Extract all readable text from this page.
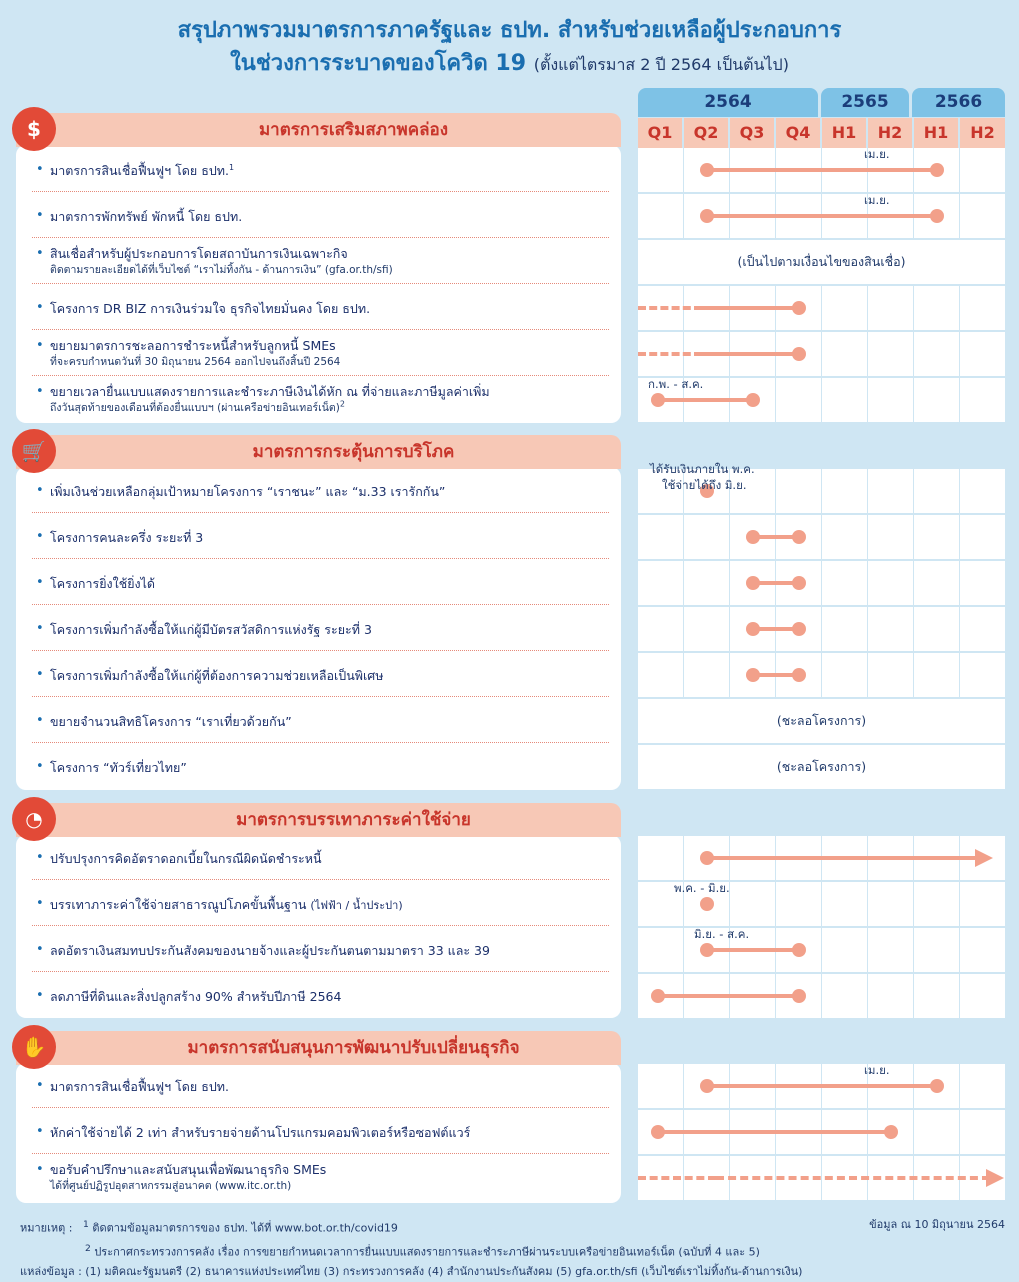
สรุปภาพรวมมาตรการภาครัฐและ ธปท. สำหรับช่วยเหลือผู้ประกอบการ
ในช่วงการระบาดของโควิด 19 (ตั้งแต่ไตรมาส 2 ปี 2564 เป็นต้นไป)
2564	2565	2566
Q1	Q2	Q3	Q4	H1	H2	H1	H2
มาตรการเสริมสภาพคล่อง
$
• มาตรการสินเชื่อฟื้นฟูฯ โดย ธปท.$^1$
เม.ย.
• มาตรการพักทรัพย์ พักหนี้ โดย ธปท.
เม.ย.
• สินเชื่อสำหรับผู้ประกอบการโดยสถาบันการเงินเฉพาะกิจ
ติดตามรายละเอียดได้ที่เว็บไซต์ “เราไม่ทิ้งกัน - ด้านการเงิน” (gfa.or.th/sfi)
(เป็นไปตามเงื่อนไขของสินเชื่อ)
• โครงการ DR BIZ การเงินร่วมใจ ธุรกิจไทยมั่นคง โดย ธปท.
• ขยายมาตรการชะลอการชำระหนี้สำหรับลูกหนี้ SMEs
ที่จะครบกำหนดวันที่ 30 มิถุนายน 2564 ออกไปจนถึงสิ้นปี 2564
• ขยายเวลายื่นแบบแสดงรายการและชำระภาษีเงินได้หัก ณ ที่จ่ายและภาษีมูลค่าเพิ่ม
ถึงวันสุดท้ายของเดือนที่ต้องยื่นแบบฯ (ผ่านเครือข่ายอินเทอร์เน็ต)$^2$
ก.พ. - ส.ค.
มาตรการกระตุ้นการบริโภค
🛒
• เพิ่มเงินช่วยเหลือกลุ่มเป้าหมายโครงการ “เราชนะ” และ “ม.33 เรารักกัน”
ได้รับเงินภายใน พ.ค.
ใช้จ่ายได้ถึง มิ.ย.
• โครงการคนละครึ่ง ระยะที่ 3
• โครงการยิ่งใช้ยิ่งได้
• โครงการเพิ่มกำลังซื้อให้แก่ผู้มีบัตรสวัสดิการแห่งรัฐ ระยะที่ 3
• โครงการเพิ่มกำลังซื้อให้แก่ผู้ที่ต้องการความช่วยเหลือเป็นพิเศษ
• ขยายจำนวนสิทธิโครงการ “เราเที่ยวด้วยกัน”	(ชะลอโครงการ)
• โครงการ “ทัวร์เที่ยวไทย”	(ชะลอโครงการ)
มาตรการบรรเทาภาระค่าใช้จ่าย
◔
• ปรับปรุงการคิดอัตราดอกเบี้ยในกรณีผิดนัดชำระหนี้
• บรรเทาภาระค่าใช้จ่ายสาธารณูปโภคขั้นพื้นฐาน (ไฟฟ้า / น้ำประปา)
พ.ค. - มิ.ย.
• ลดอัตราเงินสมทบประกันสังคมของนายจ้างและผู้ประกันตนตามมาตรา 33 และ 39
มิ.ย. - ส.ค.
• ลดภาษีที่ดินและสิ่งปลูกสร้าง 90% สำหรับปีภาษี 2564
มาตรการสนับสนุนการพัฒนาปรับเปลี่ยนธุรกิจ
✋
• มาตรการสินเชื่อฟื้นฟูฯ โดย ธปท.
เม.ย.
• หักค่าใช้จ่ายได้ 2 เท่า สำหรับรายจ่ายด้านโปรแกรมคอมพิวเตอร์หรือซอฟต์แวร์
• ขอรับคำปรึกษาและสนับสนุนเพื่อพัฒนาธุรกิจ SMEs
ได้ที่ศูนย์ปฏิรูปอุตสาหกรรมสู่อนาคต (www.itc.or.th)
หมายเหตุ : $^1$ ติดตามข้อมูลมาตรการของ ธปท. ได้ที่ www.bot.or.th/covid19
$^2$ ประกาศกระทรวงการคลัง เรื่อง การขยายกำหนดเวลาการยื่นแบบแสดงรายการและชำระภาษีผ่านระบบเครือข่ายอินเทอร์เน็ต (ฉบับที่ 4 และ 5)
แหล่งข้อมูล : (1) มติคณะรัฐมนตรี (2) ธนาคารแห่งประเทศไทย (3) กระทรวงการคลัง (4) สำนักงานประกันสังคม (5) gfa.or.th/sfi (เว็บไซต์เราไม่ทิ้งกัน-ด้านการเงิน)
ข้อมูล ณ 10 มิถุนายน 2564
